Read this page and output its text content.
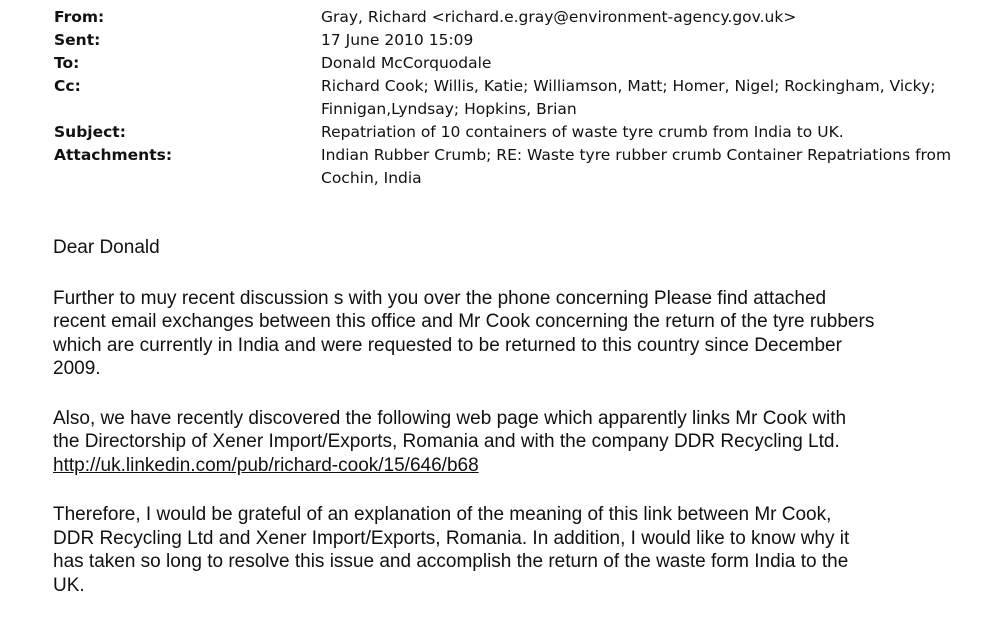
From:	Gray, Richard <richard.e.gray@environment-agency.gov.uk>
Sent:	17 June 2010 15:09
To:	Donald McCorquodale
Cc:	Richard Cook; Willis, Katie; Williamson, Matt; Homer, Nigel; Rockingham, Vicky;
Finnigan,Lyndsay; Hopkins, Brian
Subject:	Repatriation of 10 containers of waste tyre crumb from India to UK.
Attachments:	Indian Rubber Crumb; RE: Waste tyre rubber crumb Container Repatriations from
Cochin, India
Dear Donald
Further to muy recent discussion s with you over the phone concerning Please find attached
recent email exchanges between this office and Mr Cook concerning the return of the tyre rubbers
which are currently in India and were requested to be returned to this country since December
2009.
Also, we have recently discovered the following web page which apparently links Mr Cook with
the Directorship of Xener Import/Exports, Romania and with the company DDR Recycling Ltd.
http://uk.linkedin.com/pub/richard-cook/15/646/b68
Therefore, I would be grateful of an explanation of the meaning of this link between Mr Cook,
DDR Recycling Ltd and Xener Import/Exports, Romania. In addition, I would like to know why it
has taken so long to resolve this issue and accomplish the return of the waste form India to the
UK.
